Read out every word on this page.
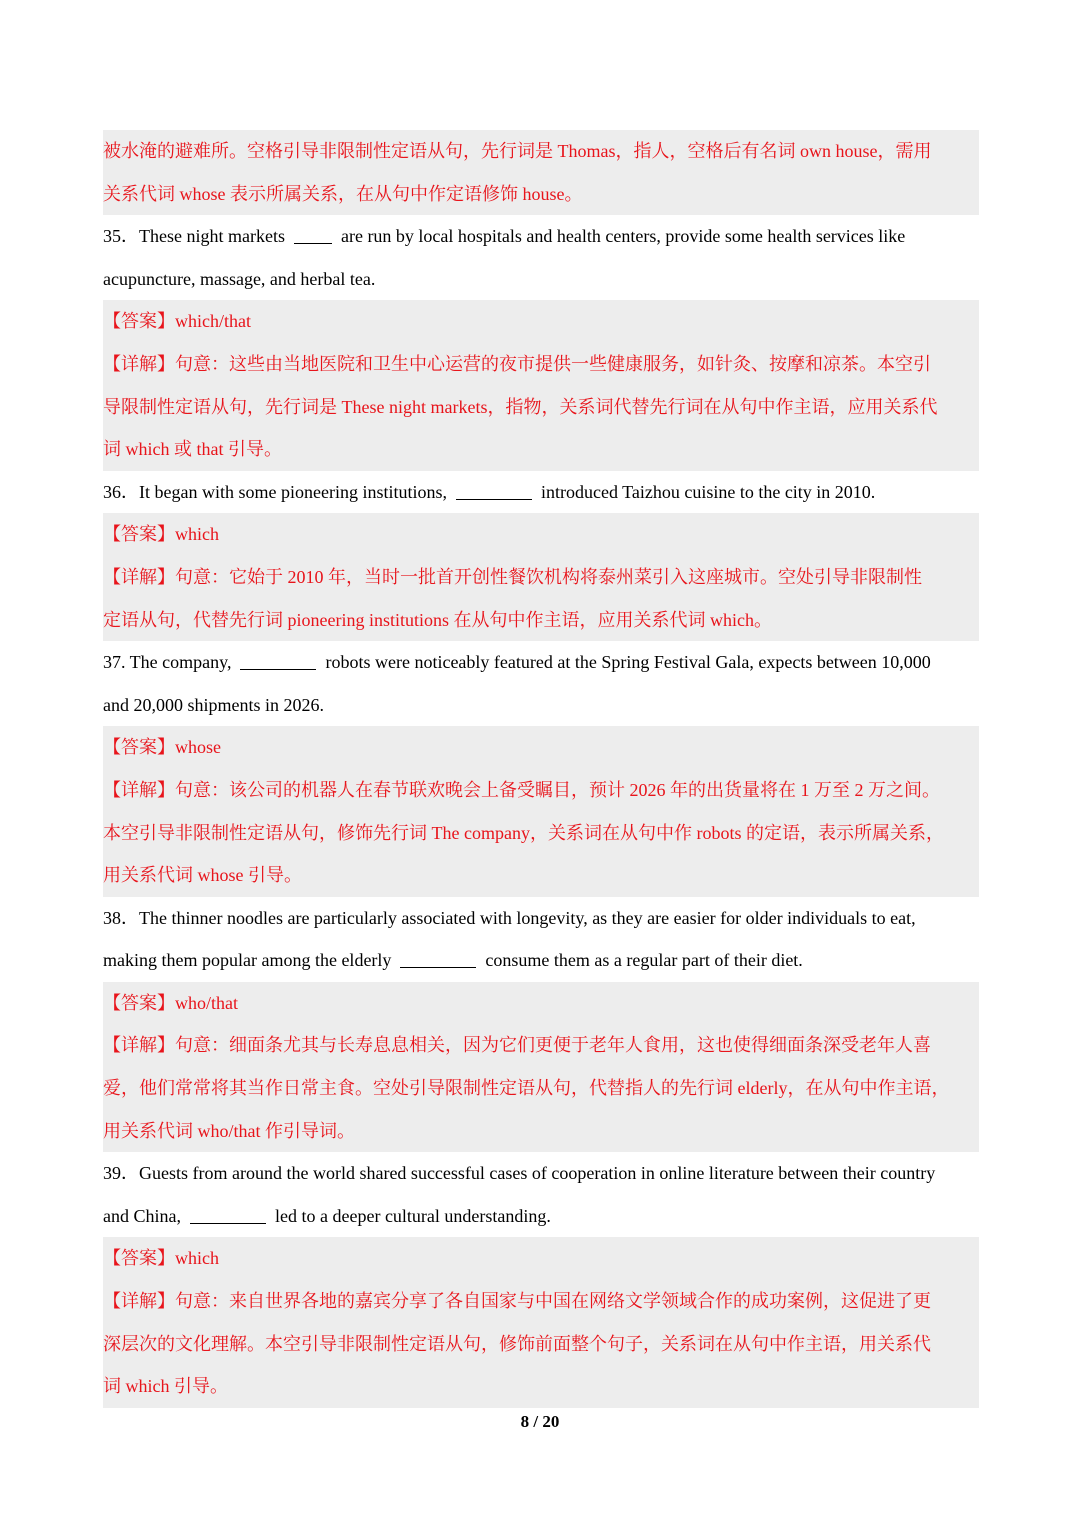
被水淹的避难所。空格引导非限制性定语从句，先行词是 Thomas，指人，空格后有名词 own house，需用
关系代词 whose 表示所属关系，在从句中作定语修饰 house。
35．These night markets	are run by local hospitals and health centers, provide some health services like
acupuncture, massage, and herbal tea.
【答案】which/that
【详解】句意：这些由当地医院和卫生中心运营的夜市提供一些健康服务，如针灸、按摩和凉茶。本空引
导限制性定语从句，先行词是 These night markets，指物，关系词代替先行词在从句中作主语，应用关系代
词 which 或 that 引导。
36．It began with some pioneering institutions,	introduced Taizhou cuisine to the city in 2010.
【答案】which
【详解】句意：它始于 2010 年，当时一批首开创性餐饮机构将泰州菜引入这座城市。空处引导非限制性
定语从句，代替先行词 pioneering institutions 在从句中作主语，应用关系代词 which。
37. The company,	robots were noticeably featured at the Spring Festival Gala, expects between 10,000
and 20,000 shipments in 2026.
【答案】whose
【详解】句意：该公司的机器人在春节联欢晚会上备受瞩目，预计 2026 年的出货量将在 1 万至 2 万之间。
本空引导非限制性定语从句，修饰先行词 The company，关系词在从句中作 robots 的定语，表示所属关系，
用关系代词 whose 引导。
38．The thinner noodles are particularly associated with longevity, as they are easier for older individuals to eat,
making them popular among the elderly	consume them as a regular part of their diet.
【答案】who/that
【详解】句意：细面条尤其与长寿息息相关，因为它们更便于老年人食用，这也使得细面条深受老年人喜
爱，他们常常将其当作日常主食。空处引导限制性定语从句，代替指人的先行词 elderly，在从句中作主语，
用关系代词 who/that 作引导词。
39．Guests from around the world shared successful cases of cooperation in online literature between their country
and China,	led to a deeper cultural understanding.
【答案】which
【详解】句意：来自世界各地的嘉宾分享了各自国家与中国在网络文学领域合作的成功案例，这促进了更
深层次的文化理解。本空引导非限制性定语从句，修饰前面整个句子，关系词在从句中作主语，用关系代
词 which 引导。
8 / 20
